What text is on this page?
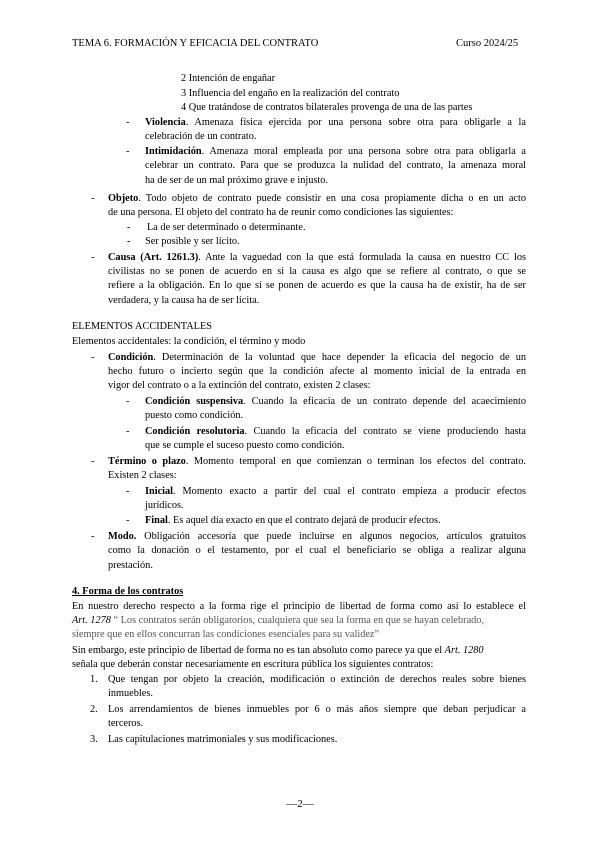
TEMA 6. FORMACIÓN Y EFICACIA DEL CONTRATO	Curso 2024/25
2 Intención de engañar
3 Influencia del engaño en la realización del contrato
4 Que tratándose de contratos bilaterales provenga de una de las partes
- Violencia. Amenaza física ejercida por una persona sobre otra para obligarle a la
celebración de un contrato.
- Intimidación. Amenaza moral empleada por una persona sobre otra para obligarla a
celebrar un contrato. Para que se produzca la nulidad del contrato, la amenaza moral
ha de ser de un mal próximo grave e injusto.
- Objeto. Todo objeto de contrato puede consistir en una cosa propiamente dicha o en un acto
de una persona. El objeto del contrato ha de reunir como condiciones las siguientes:
- La de ser determinado o determinante.
- Ser posible y ser lícito.
- Causa (Art. 1261.3). Ante la vaguedad con la que está formulada la causa en nuestro CC los
civilistas no se ponen de acuerdo en si la causa es algo que se refiere al contrato, o que se
refiere a la obligación. En lo que sí se ponen de acuerdo es que la causa ha de existir, ha de ser
verdadera, y la causa ha de ser lícita.
ELEMENTOS ACCIDENTALES
Elementos accidentales: la condición, el término y modo
- Condición. Determinación de la voluntad que hace depender la eficacia del negocio de un
hecho futuro o incierto según que la condición afecte al momento inicial de la entrada en
vigor del contrato o a la extinción del contrato, existen 2 clases:
- Condición suspensiva. Cuando la eficacia de un contrato depende del acaecimiento
puesto como condición.
- Condición resolutoria. Cuando la eficacia del contrato se viene produciendo hasta
que se cumple el suceso puesto como condición.
- Término o plazo. Momento temporal en que comienzan o terminan los efectos del contrato.
Existen 2 clases:
- Inicial. Momento exacto a partir del cual el contrato empieza a producir efectos
jurídicos.
- Final. Es aquel día exacto en que el contrato dejará de producir efectos.
- Modo. Obligación accesoria que puede incluirse en algunos negocios, artículos gratuitos
como la donación o el testamento, por el cual el beneficiario se obliga a realizar alguna
prestación.
4. Forma de los contratos
En nuestro derecho respecto a la forma rige el principio de libertad de forma como así lo establece el
Art. 1278 “ Los contratos serán obligatorios, cualquiera que sea la forma en que se hayan celebrado,
siempre que en ellos concurran las condiciones esenciales para su validez”
Sin embargo, este principio de libertad de forma no es tan absoluto como parece ya que el Art. 1280
señala que deberán constar necesariamente en escritura pública los siguientes contratos:
1. Que tengan por objeto la creación, modificación o extinción de derechos reales sobre bienes
inmuebles.
2. Los arrendamientos de bienes inmuebles por 6 o más años siempre que deban perjudicar a
terceros.
3. Las capitulaciones matrimoniales y sus modificaciones.
—2—
